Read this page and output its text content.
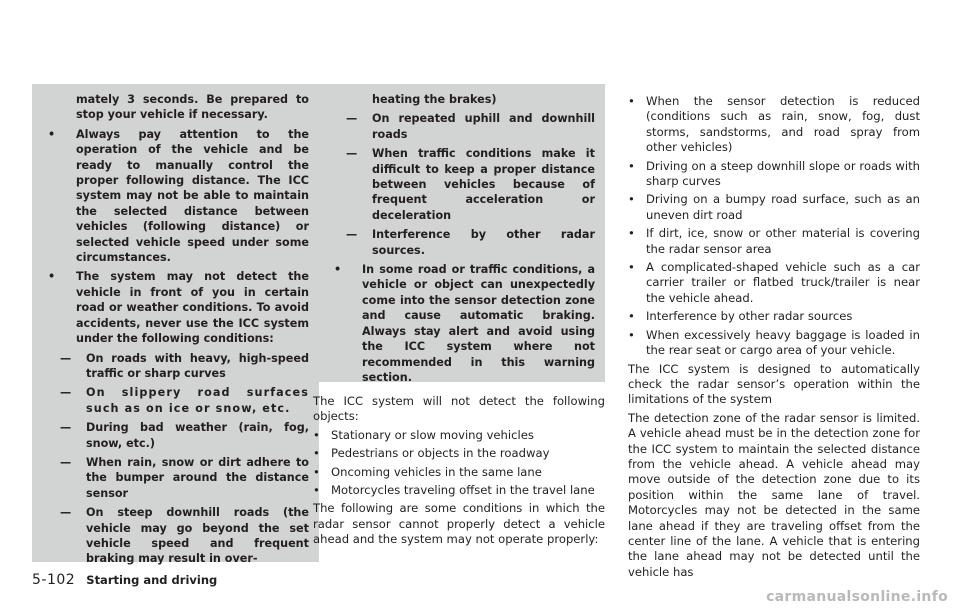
mately 3 seconds. Be prepared to stop your vehicle if necessary.

• Always pay attention to the operation of the vehicle and be ready to manually control the proper following distance. The ICC system may not be able to maintain the selected distance between vehicles (following distance) or selected vehicle speed under some circumstances.

• The system may not detect the vehicle in front of you in certain road or weather conditions. To avoid accidents, never use the ICC system under the following conditions:

— On roads with heavy, high-speed traffic or sharp curves

— On slippery road surfaces such as on ice or snow, etc.

— During bad weather (rain, fog, snow, etc.)

— When rain, snow or dirt adhere to the bumper around the distance sensor

— On steep downhill roads (the vehicle may go beyond the set vehicle speed and frequent braking may result in over-

heating the brakes)

— On repeated uphill and downhill roads

— When traffic conditions make it difficult to keep a proper distance between vehicles because of frequent acceleration or deceleration

— Interference by other radar sources.

• In some road or traffic conditions, a vehicle or object can unexpectedly come into the sensor detection zone and cause automatic braking. Always stay alert and avoid using the ICC system where not recommended in this warning section.

The ICC system will not detect the following objects:

• Stationary or slow moving vehicles

• Pedestrians or objects in the roadway

• Oncoming vehicles in the same lane

• Motorcycles traveling offset in the travel lane

The following are some conditions in which the radar sensor cannot properly detect a vehicle ahead and the system may not operate properly:

• When the sensor detection is reduced (conditions such as rain, snow, fog, dust storms, sandstorms, and road spray from other vehicles)

• Driving on a steep downhill slope or roads with sharp curves

• Driving on a bumpy road surface, such as an uneven dirt road

• If dirt, ice, snow or other material is covering the radar sensor area

• A complicated-shaped vehicle such as a car carrier trailer or flatbed truck/trailer is near the vehicle ahead.

• Interference by other radar sources

• When excessively heavy baggage is loaded in the rear seat or cargo area of your vehicle.

The ICC system is designed to automatically check the radar sensor’s operation within the limitations of the system

The detection zone of the radar sensor is limited. A vehicle ahead must be in the detection zone for the ICC system to maintain the selected distance from the vehicle ahead. A vehicle ahead may move outside of the detection zone due to its position within the same lane of travel. Motorcycles may not be detected in the same lane ahead if they are traveling offset from the center line of the lane. A vehicle that is entering the lane ahead may not be detected until the vehicle has

5-102 Starting and driving
carmanualsonline.info
